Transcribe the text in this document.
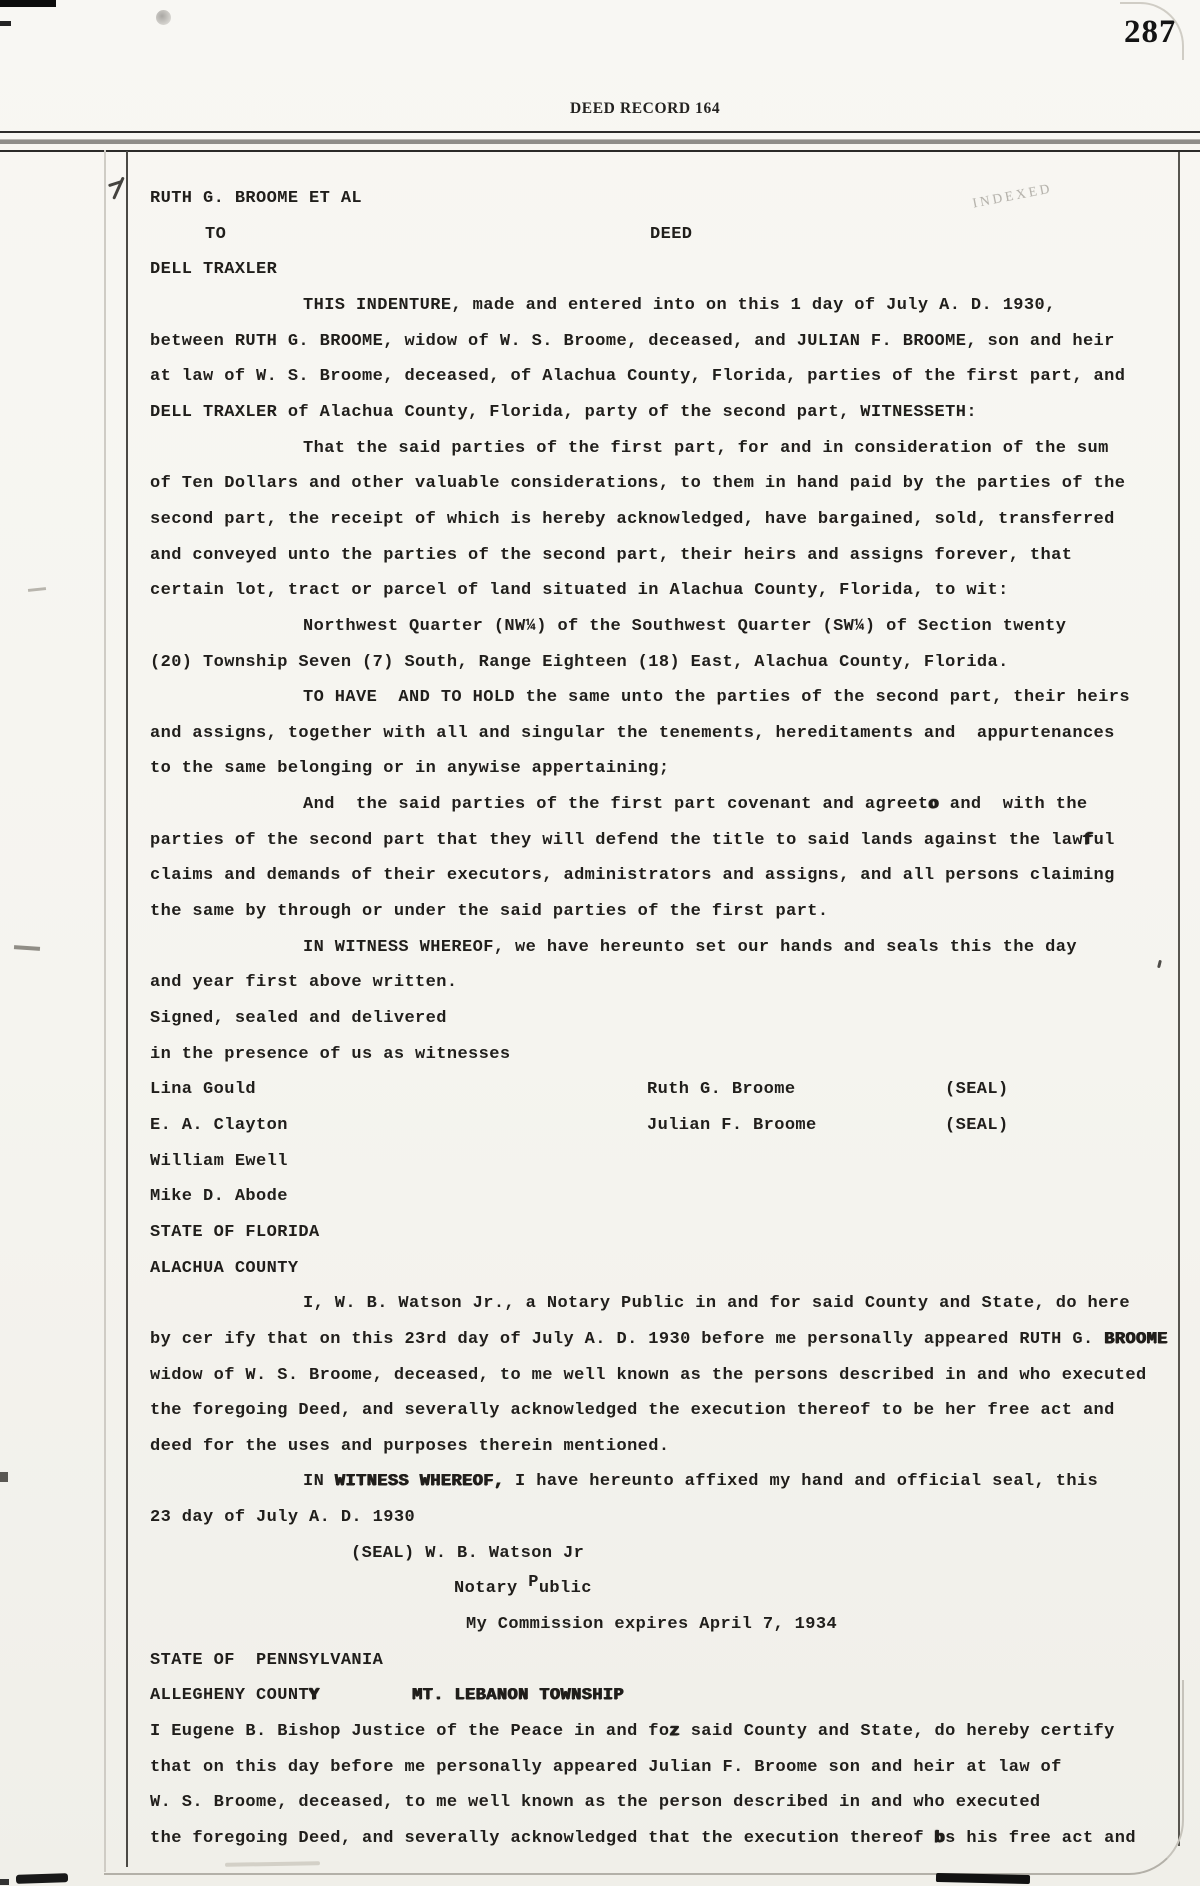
287
DEED RECORD 164
INDEXED
RUTH G. BROOME ET AL
TO	DEED
DELL TRAXLER
THIS INDENTURE, made and entered into on this 1 day of July A. D. 1930,
between RUTH G. BROOME, widow of W. S. Broome, deceased, and JULIAN F. BROOME, son and heir
at law of W. S. Broome, deceased, of Alachua County, Florida, parties of the first part, and
DELL TRAXLER of Alachua County, Florida, party of the second part, WITNESSETH:
That the said parties of the first part, for and in consideration of the sum
of Ten Dollars and other valuable considerations, to them in hand paid by the parties of the
second part, the receipt of which is hereby acknowledged, have bargained, sold, transferred
and conveyed unto the parties of the second part, their heirs and assigns forever, that
certain lot, tract or parcel of land situated in Alachua County, Florida, to wit:
Northwest Quarter (NW¼) of the Southwest Quarter (SW¼) of Section twenty
(20) Township Seven (7) South, Range Eighteen (18) East, Alachua County, Florida.
TO HAVE  AND TO HOLD the same unto the parties of the second part, their heirs
and assigns, together with all and singular the tenements, hereditaments and  appurtenances
to the same belonging or in anywise appertaining;
And  the said parties of the first part covenant and agreeto and  with the
parties of the second part that they will defend the title to said lands against the lawful
claims and demands of their executors, administrators and assigns, and all persons claiming
the same by through or under the said parties of the first part.
IN WITNESS WHEREOF, we have hereunto set our hands and seals this the day
and year first above written.
Signed, sealed and delivered
in the presence of us as witnesses
Lina Gould	Ruth G. Broome	(SEAL)
E. A. Clayton	Julian F. Broome	(SEAL)
William Ewell
Mike D. Abode
STATE OF FLORIDA
ALACHUA COUNTY
I, W. B. Watson Jr., a Notary Public in and for said County and State, do here
by cer ify that on this 23rd day of July A. D. 1930 before me personally appeared RUTH G. BROOME
widow of W. S. Broome, deceased, to me well known as the persons described in and who executed
the foregoing Deed, and severally acknowledged the execution thereof to be her free act and
deed for the uses and purposes therein mentioned.
IN WITNESS WHEREOF, I have hereunto affixed my hand and official seal, this
23 day of July A. D. 1930
(SEAL) W. B. Watson Jr
Notary Public
My Commission expires April 7, 1934
STATE OF  PENNSYLVANIA
ALLEGHENY COUNTY	MT. LEBANON TOWNSHIP
I Eugene B. Bishop Justice of the Peace in and foz said County and State, do hereby certify
that on this day before me personally appeared Julian F. Broome son and heir at law of
W. S. Broome, deceased, to me well known as the person described in and who executed
the foregoing Deed, and severally acknowledged that the execution thereof bs his free act and
